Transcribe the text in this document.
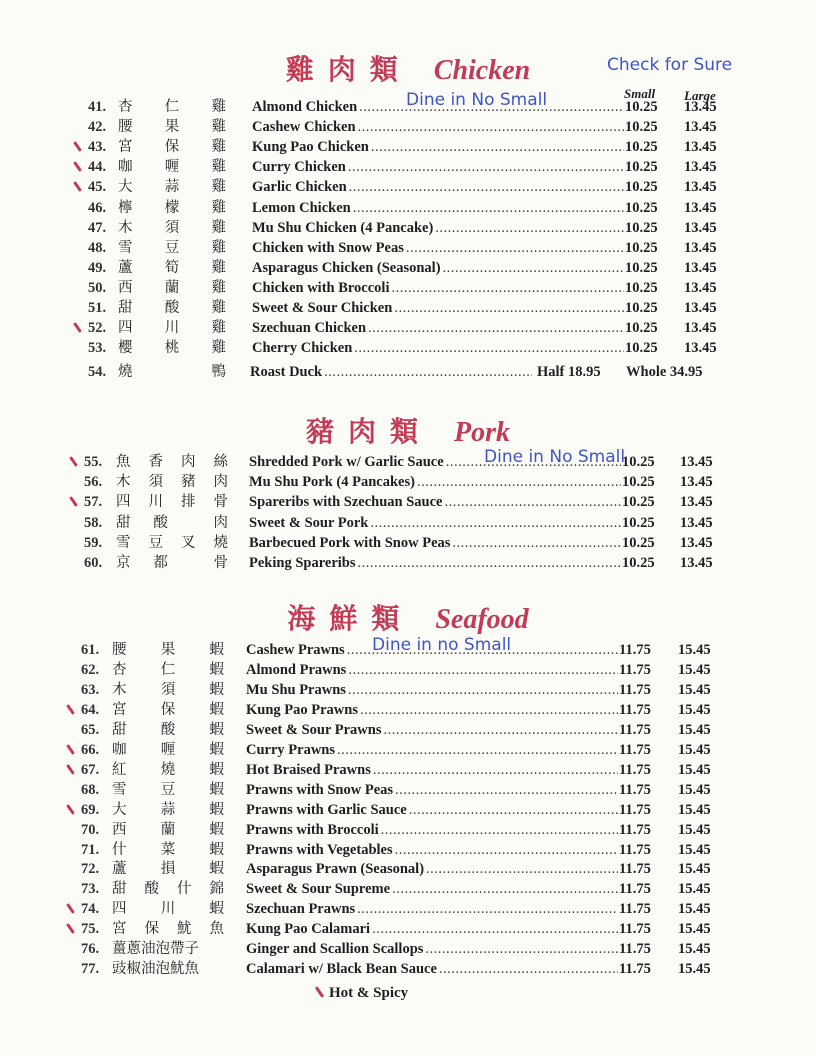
雞肉類 Chicken
豬肉類 Pork
海鮮類 Seafood
Check for Sure
Dine in No Small
Dine in No Small
Dine in no Small
Small Large
41. 杏 仁 雞 Almond Chicken .....	10.25 13.45
42. 腰 果 雞 Cashew Chicken .....	10.25 13.45
43. 宮 保 雞 Kung Pao Chicken .....	10.25 13.45
44. 咖 喱 雞 Curry Chicken .....	10.25 13.45
45. 大 蒜 雞 Garlic Chicken .....	10.25 13.45
46. 檸 檬 雞 Lemon Chicken .....	10.25 13.45
47. 木 須 雞 Mu Shu Chicken (4 Pancake) .....	10.25 13.45
48. 雪 豆 雞 Chicken with Snow Peas .....	10.25 13.45
49. 蘆 筍 雞 Asparagus Chicken (Seasonal) .....	10.25 13.45
50. 西 蘭 雞 Chicken with Broccoli .....	10.25 13.45
51. 甜 酸 雞 Sweet & Sour Chicken .....	10.25 13.45
52. 四 川 雞 Szechuan Chicken .....	10.25 13.45
53. 櫻 桃 雞 Cherry Chicken .....	10.25 13.45
54. 燒	鴨 Roast Duck .....	Half 18.95 Whole 34.95
55. 魚 香 肉 絲 Shredded Pork w/ Garlic Sauce .....	10.25 13.45
56. 木 須 豬 肉 Mu Shu Pork (4 Pancakes) .....	10.25 13.45
57. 四 川 排 骨 Spareribs with Szechuan Sauce .....	10.25 13.45
58. 甜 酸	肉 Sweet & Sour Pork .....	10.25 13.45
59. 雪 豆 叉 燒 Barbecued Pork with Snow Peas .....	10.25 13.45
60. 京 都	骨 Peking Spareribs .....	10.25 13.45
61. 腰 果 蝦 Cashew Prawns .....	11.75 15.45
62. 杏 仁 蝦 Almond Prawns .....	11.75 15.45
63. 木 須 蝦 Mu Shu Prawns .....	11.75 15.45
64. 宮 保 蝦 Kung Pao Prawns .....	11.75 15.45
65. 甜 酸 蝦 Sweet & Sour Prawns .....	11.75 15.45
66. 咖 喱 蝦 Curry Prawns .....	11.75 15.45
67. 紅 燒 蝦 Hot Braised Prawns .....	11.75 15.45
68. 雪 豆 蝦 Prawns with Snow Peas .....	11.75 15.45
69. 大 蒜 蝦 Prawns with Garlic Sauce .....	11.75 15.45
70. 西 蘭 蝦 Prawns with Broccoli .....	11.75 15.45
71. 什 菜 蝦 Prawns with Vegetables .....	11.75 15.45
72. 蘆 損 蝦 Asparagus Prawn (Seasonal) .....	11.75 15.45
73. 甜 酸 什 錦 Sweet & Sour Supreme .....	11.75 15.45
74. 四 川 蝦 Szechuan Prawns .....	11.75 15.45
75. 宮 保 魷 魚 Kung Pao Calamari .....	11.75 15.45
76. 薑蔥油泡帶子	Ginger and Scallion Scallops .....	11.75 15.45
77. 豉椒油泡魷魚	Calamari w/ Black Bean Sauce .....	11.75 15.45
Hot & Spicy
